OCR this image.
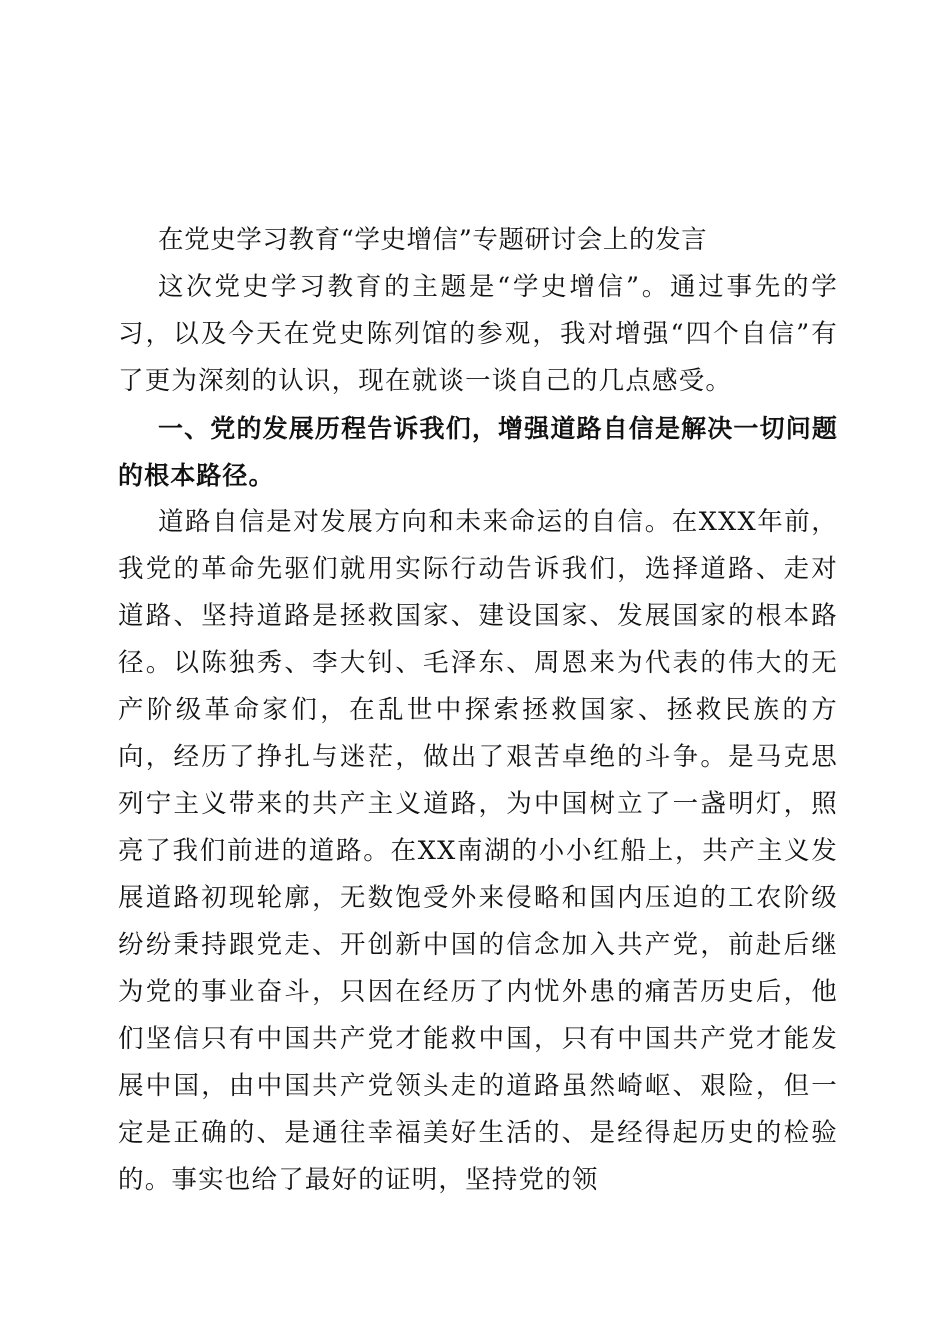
在党史学习教育“学史增信”专题研讨会上的发言

这次党史学习教育的主题是“学史增信”。通过事先的学习，以及今天在党史陈列馆的参观，我对增强“四个自信”有了更为深刻的认识，现在就谈一谈自己的几点感受。

一、党的发展历程告诉我们，增强道路自信是解决一切问题的根本路径。

道路自信是对发展方向和未来命运的自信。在XXX年前，我党的革命先驱们就用实际行动告诉我们，选择道路、走对道路、坚持道路是拯救国家、建设国家、发展国家的根本路径。以陈独秀、李大钊、毛泽东、周恩来为代表的伟大的无产阶级革命家们，在乱世中探索拯救国家、拯救民族的方向，经历了挣扎与迷茫，做出了艰苦卓绝的斗争。是马克思列宁主义带来的共产主义道路，为中国树立了一盏明灯，照亮了我们前进的道路。在XX南湖的小小红船上，共产主义发展道路初现轮廓，无数饱受外来侵略和国内压迫的工农阶级纷纷秉持跟党走、开创新中国的信念加入共产党，前赴后继为党的事业奋斗，只因在经历了内忧外患的痛苦历史后，他们坚信只有中国共产党才能救中国，只有中国共产党才能发展中国，由中国共产党领头走的道路虽然崎岖、艰险，但一定是正确的、是通往幸福美好生活的、是经得起历史的检验的。事实也给了最好的证明，坚持党的领
